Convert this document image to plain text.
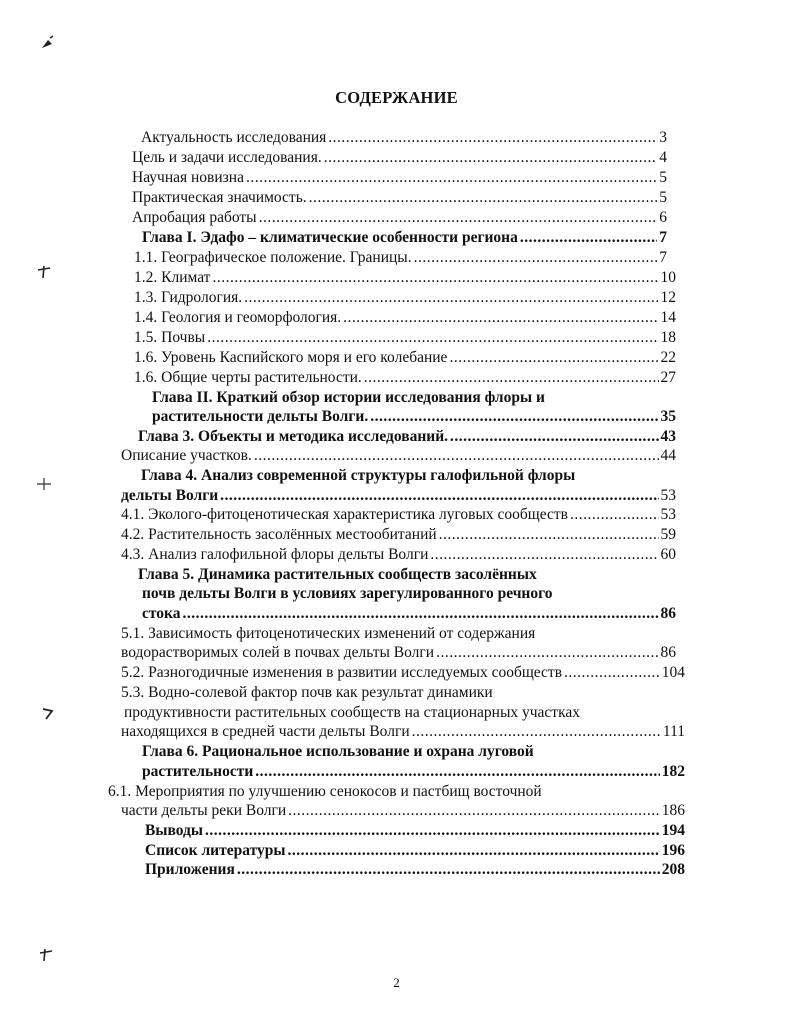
СОДЕРЖАНИЕ
Актуальность исследования .....	3
Цель и задачи исследования. .....	4
Научная новизна .....	5
Практическая значимость. .....	5
Апробация работы .....	6
Глава I. Эдафо – климатические особенности региона .....	7
1.1. Географическое положение. Границы. .....	7
1.2. Климат .....	10
1.3. Гидрология. .....	12
1.4. Геология и геоморфология. .....	14
1.5. Почвы .....	18
1.6. Уровень Каспийского моря и его колебание .....	22
1.6. Общие черты растительности. .....	27
Глава II. Краткий обзор истории исследования флоры и
растительности дельты Волги. .....	35
Глава 3. Объекты и методика исследований. .....	43
Описание участков. .....	44
Глава 4. Анализ современной структуры галофильной флоры
дельты Волги .....	53
4.1. Эколого-фитоценотическая характеристика луговых сообществ .....	53
4.2. Растительность засолённых местообитаний .....	59
4.3. Анализ галофильной флоры дельты Волги .....	60
Глава 5. Динамика растительных сообществ засолённых
почв дельты Волги в условиях зарегулированного речного
стока .....	86
5.1. Зависимость фитоценотических изменений от содержания
водорастворимых солей в почвах дельты Волги .....	86
5.2. Разногодичные изменения в развитии исследуемых сообществ .....	104
5.3. Водно-солевой фактор почв как результат динамики
продуктивности растительных сообществ на стационарных участках
находящихся в средней части дельты Волги .....	111
Глава 6. Рациональное использование и охрана луговой
растительности .....	182
6.1. Мероприятия по улучшению сенокосов и пастбищ восточной
части дельты реки Волги .....	186
Выводы .....	194
Список литературы .....	196
Приложения .....	208
2
